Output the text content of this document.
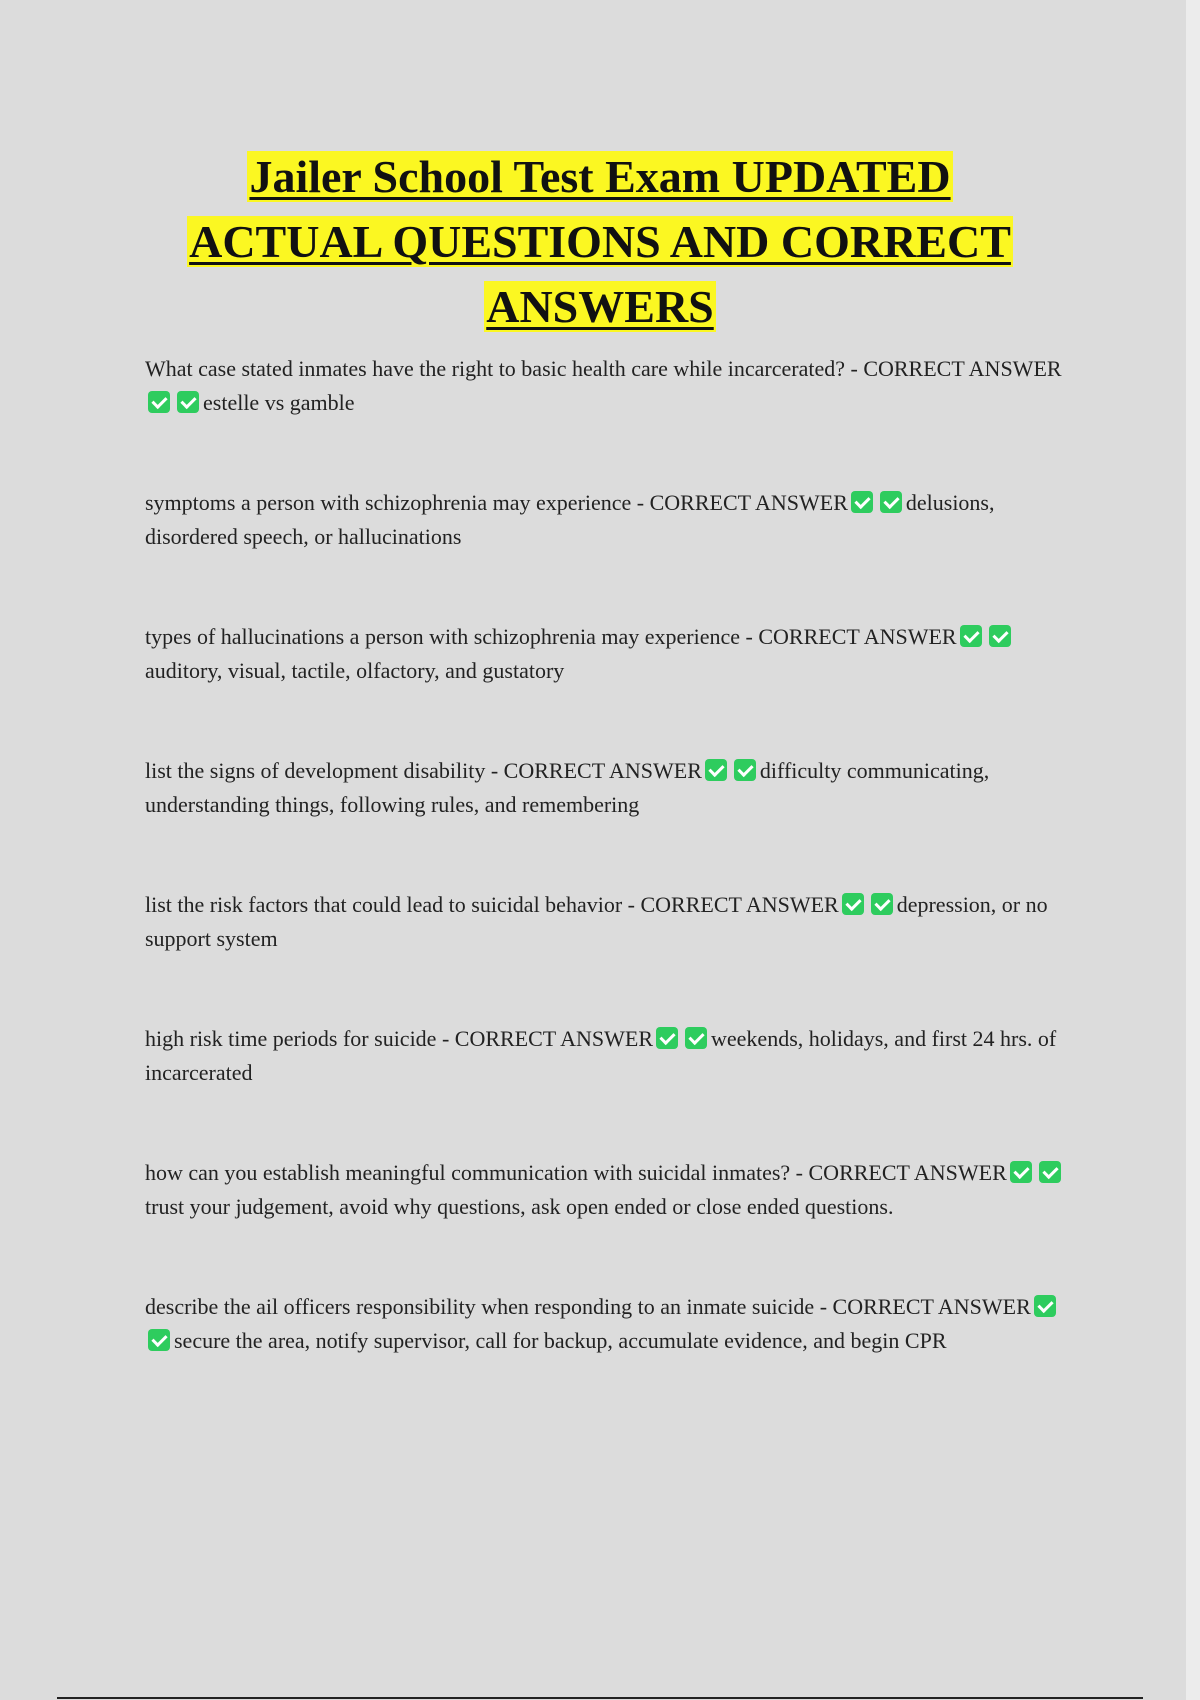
Jailer School Test Exam UPDATED
ACTUAL QUESTIONS AND CORRECT
ANSWERS

What case stated inmates have the right to basic health care while incarcerated? - CORRECT ANSWERestelle vs gamble

symptoms a person with schizophrenia may experience - CORRECT ANSWER	delusions, disordered speech, or hallucinations

types of hallucinations a person with schizophrenia may experience - CORRECT ANSWERauditory, visual, tactile, olfactory, and gustatory

list the signs of development disability - CORRECT ANSWER	difficulty communicating, understanding things, following rules, and remembering

list the risk factors that could lead to suicidal behavior - CORRECT ANSWER	depression, or no support system

high risk time periods for suicide - CORRECT ANSWER	weekends, holidays, and first 24 hrs. of incarcerated

how can you establish meaningful communication with suicidal inmates? - CORRECT ANSWERtrust your judgement, avoid why questions, ask open ended or close ended questions.

describe the ail officers responsibility when responding to an inmate suicide - CORRECT ANSWERsecure the area, notify supervisor, call for backup, accumulate evidence, and begin CPR
